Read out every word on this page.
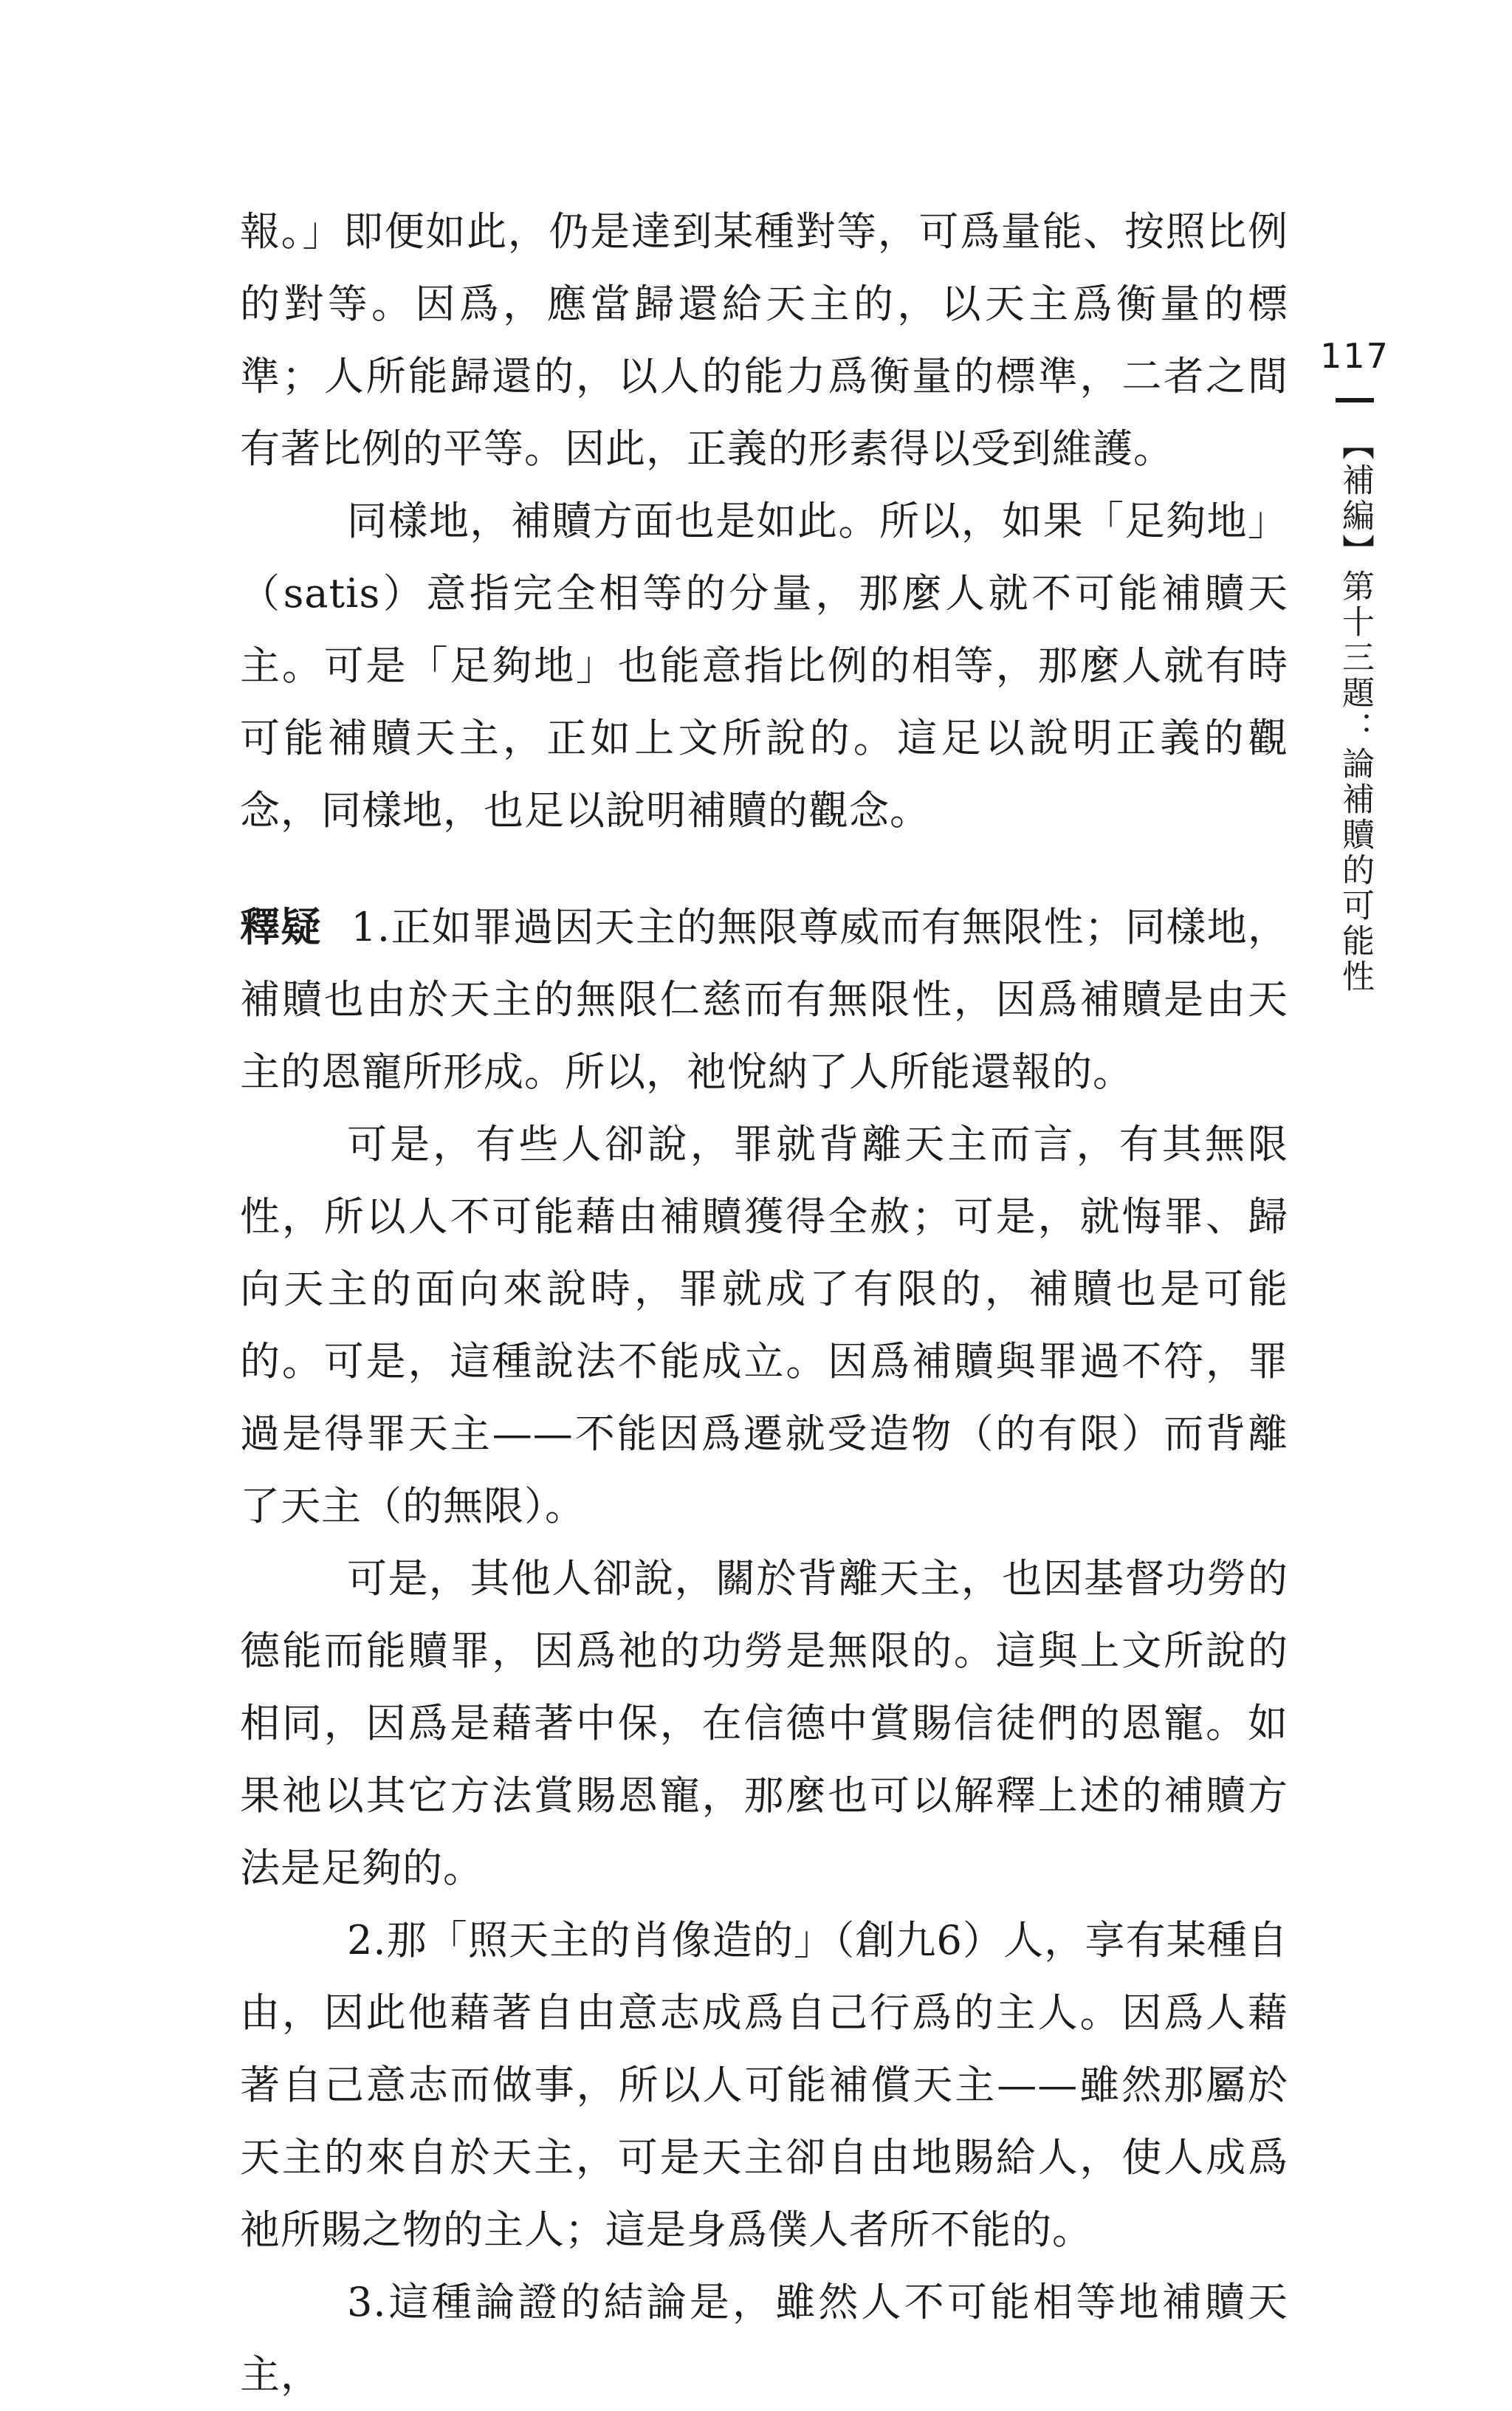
報。」即便如此，仍是達到某種對等，可爲量能、按照比例的對等。因爲，應當歸還給天主的，以天主爲衡量的標準；人所能歸還的，以人的能力爲衡量的標準，二者之間有著比例的平等。因此，正義的形素得以受到維護。

同樣地，補贖方面也是如此。所以，如果「足夠地」（satis）意指完全相等的分量，那麼人就不可能補贖天主。可是「足夠地」也能意指比例的相等，那麼人就有時可能補贖天主，正如上文所說的。這足以說明正義的觀念，同樣地，也足以說明補贖的觀念。

釋疑 1.正如罪過因天主的無限尊威而有無限性；同樣地，補贖也由於天主的無限仁慈而有無限性，因爲補贖是由天主的恩寵所形成。所以，祂悅納了人所能還報的。

可是，有些人卻說，罪就背離天主而言，有其無限性，所以人不可能藉由補贖獲得全赦；可是，就悔罪、歸向天主的面向來說時，罪就成了有限的，補贖也是可能的。可是，這種說法不能成立。因爲補贖與罪過不符，罪過是得罪天主——不能因爲遷就受造物（的有限）而背離了天主（的無限）。

可是，其他人卻說，關於背離天主，也因基督功勞的德能而能贖罪，因爲祂的功勞是無限的。這與上文所說的相同，因爲是藉著中保，在信德中賞賜信徒們的恩寵。如果祂以其它方法賞賜恩寵，那麼也可以解釋上述的補贖方法是足夠的。

2.那「照天主的肖像造的」（創九6）人，享有某種自由，因此他藉著自由意志成爲自己行爲的主人。因爲人藉著自己意志而做事，所以人可能補償天主——雖然那屬於天主的來自於天主，可是天主卻自由地賜給人，使人成爲祂所賜之物的主人；這是身爲僕人者所不能的。

3.這種論證的結論是，雖然人不可能相等地補贖天主，

117
【補編】第十三題：論補贖的可能性
